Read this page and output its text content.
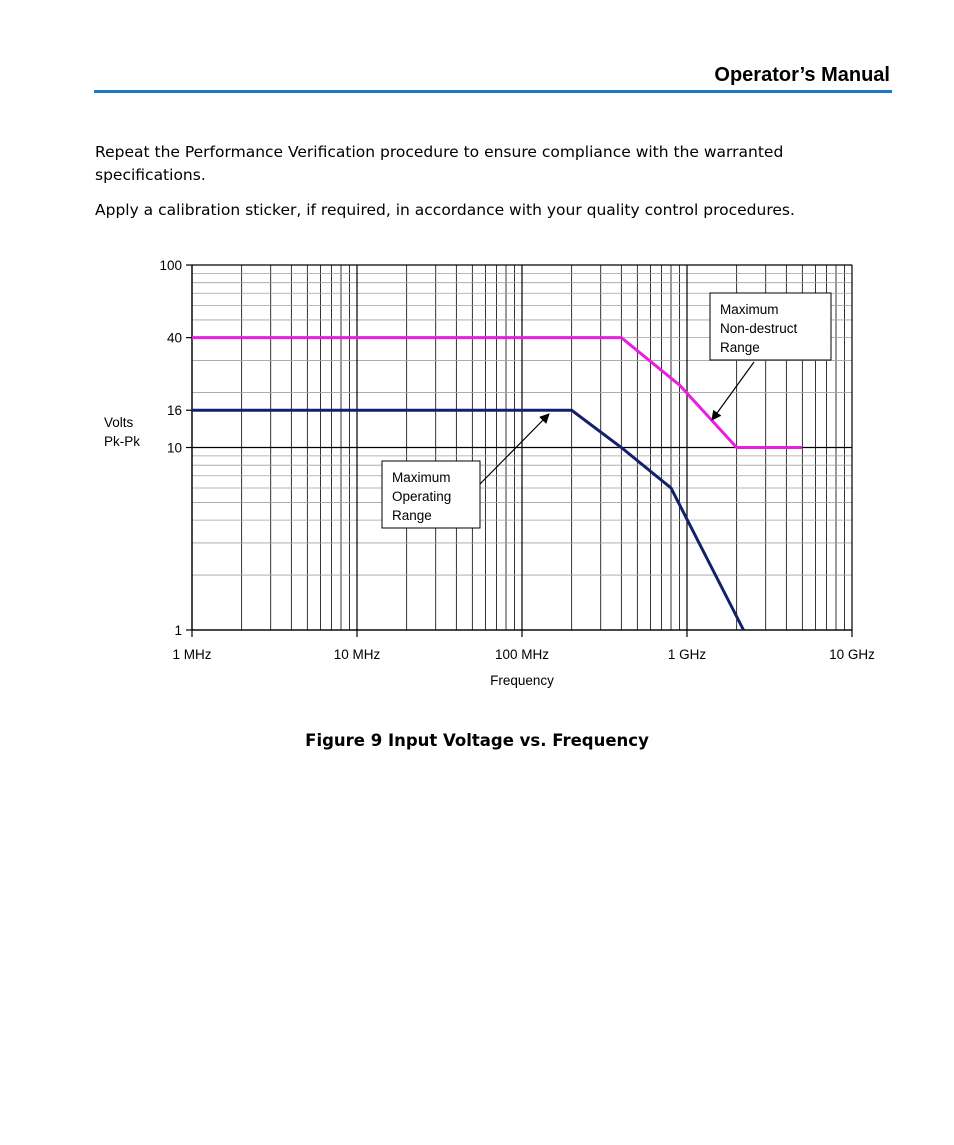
Operator’s Manual

Repeat the Performance Verification procedure to ensure compliance with the warranted specifications.

Apply a calibration sticker, if required, in accordance with your quality control procedures.

Maximum
Non-destruct
Range
Maximum
Operating
Range
1 MHz	10 MHz	100 MHz	1 GHz	10 GHz
1
10
16
40
100
Frequency
Volts
Pk-Pk
Figure 9 Input Voltage vs. Frequency
